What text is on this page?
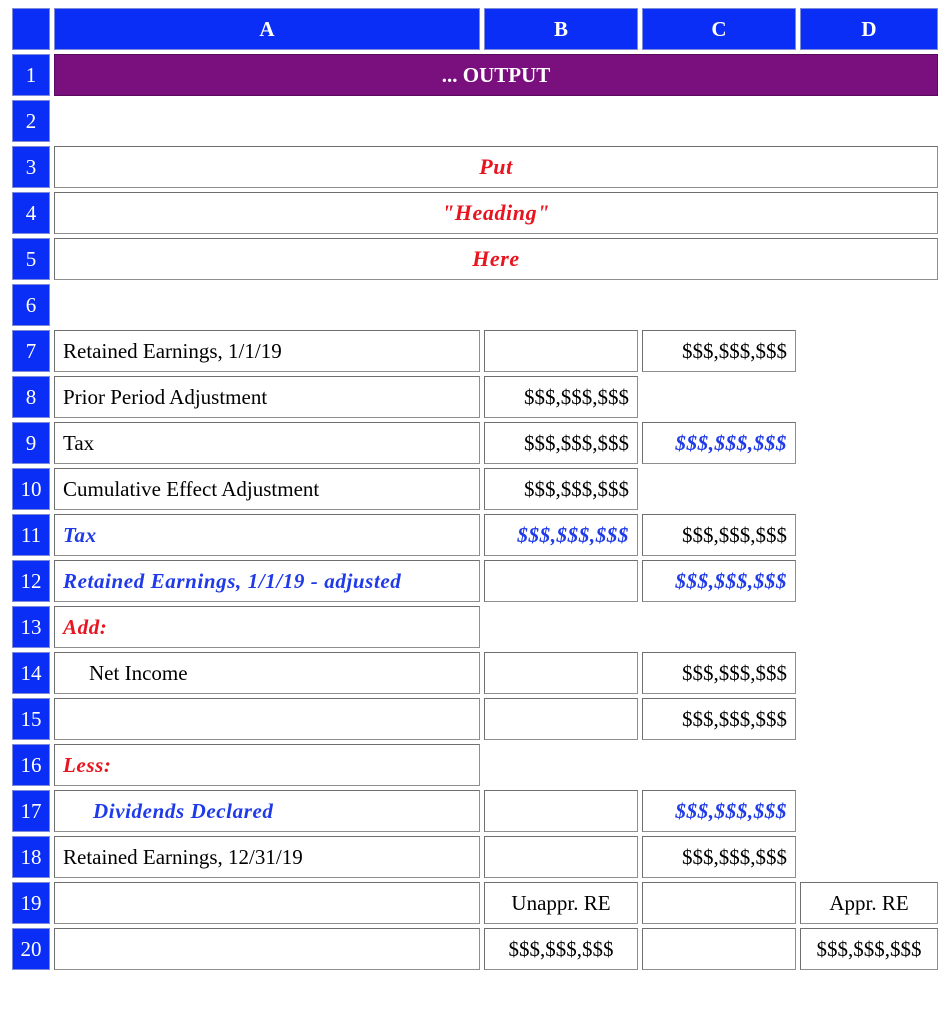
	A	B	C	D
1	... OUTPUT			
2				
3	Put			
4	"Heading"			
5	Here			
6				
7	Retained Earnings, 1/1/19		$$$,$$$,$$$	
8	Prior Period Adjustment	$$$,$$$,$$$		
9	Tax	$$$,$$$,$$$	$$$,$$$,$$$	
10	Cumulative Effect Adjustment	$$$,$$$,$$$		
11	Tax	$$$,$$$,$$$	$$$,$$$,$$$	
12	Retained Earnings, 1/1/19 - adjusted		$$$,$$$,$$$	
13	Add:			
14	Net Income		$$$,$$$,$$$	
15			$$$,$$$,$$$	
16	Less:			
17	Dividends Declared		$$$,$$$,$$$	
18	Retained Earnings, 12/31/19		$$$,$$$,$$$	
19		Unappr. RE		Appr. RE
20		$$$,$$$,$$$		$$$,$$$,$$$
